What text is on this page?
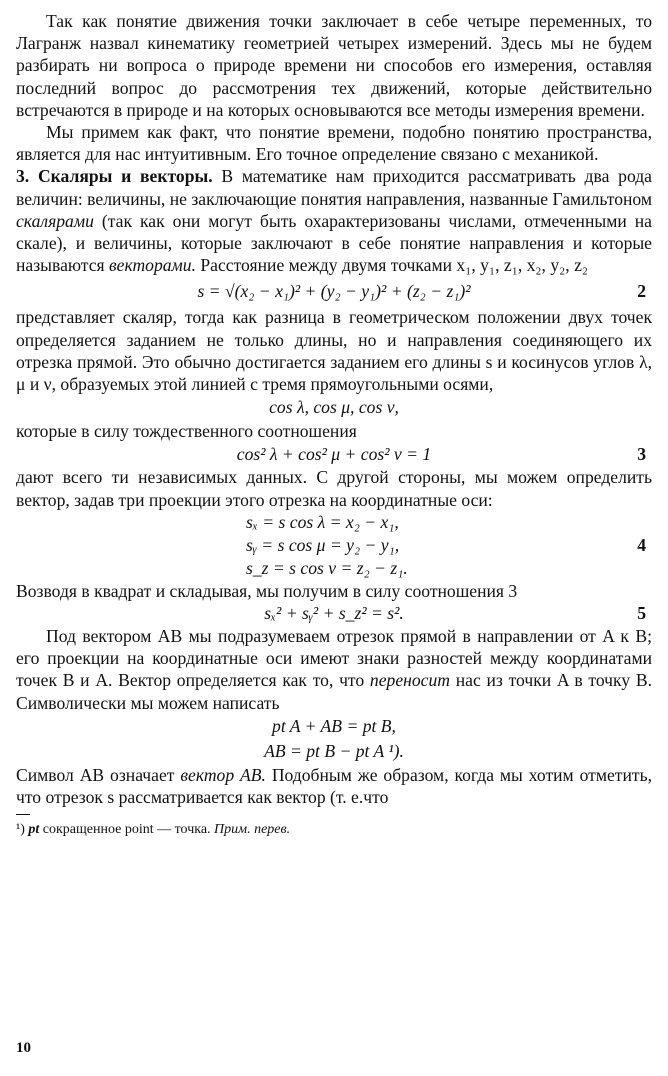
Так как понятие движения точки заключает в себе четыре переменных, то Лагранж назвал кинематику геометрией четырех измерений. Здесь мы не будем разбирать ни вопроса о природе времени ни способов его измерения, оставляя последний вопрос до рассмотрения тех движений, которые действительно встречаются в природе и на которых основываются все методы измерения времени.

Мы примем как факт, что понятие времени, подобно понятию пространства, является для нас интуитивным. Его точное определение связано с механикой.

3. Скаляры и векторы. В математике нам приходится рассматривать два рода величин: величины, не заключающие понятия направления, названные Гамильтоном скалярами (так как они могут быть охарактеризованы числами, отмеченными на скале), и величины, которые заключают в себе понятие направления и которые называются векторами. Расстояние между двумя точками x₁, y₁, z₁, x₂, y₂, z₂

s = √(x₂ − x₁)² + (y₂ − y₁)² + (z₂ − z₁)²	2

представляет скаляр, тогда как разница в геометрическом положении двух точек определяется заданием не только длины, но и направления соединяющего их отрезка прямой. Это обычно достигается заданием его длины s и косинусов углов λ, μ и ν, образуемых этой линией с тремя прямоугольными осями,

cos λ, cos μ, cos ν,

которые в силу тождественного соотношения

cos² λ + cos² μ + cos² ν = 1	3

дают всего ти независимых данных. С другой стороны, мы можем определить вектор, задав три проекции этого отрезка на координатные оси:

sₓ = s cos λ = x₂ − x₁,
sᵧ = s cos μ = y₂ − y₁,
s_z = s cos ν = z₂ − z₁.
4

Возводя в квадрат и складывая, мы получим в силу соотношения 3

sₓ² + sᵧ² + s_z² = s².	5

Под вектором AB мы подразумеваем отрезок прямой в направлении от A к B; его проекции на координатные оси имеют знаки разностей между координатами точек B и A. Вектор определяется как то, что переносит нас из точки A в точку B. Символически мы можем написать

pt A + AB = pt B,
AB = pt B − pt A ¹).

Символ AB означает вектор AB. Подобным же образом, когда мы хотим отметить, что отрезок s рассматривается как вектор (т. е.что

¹) pt сокращенное point — точка. Прим. перев.

10
